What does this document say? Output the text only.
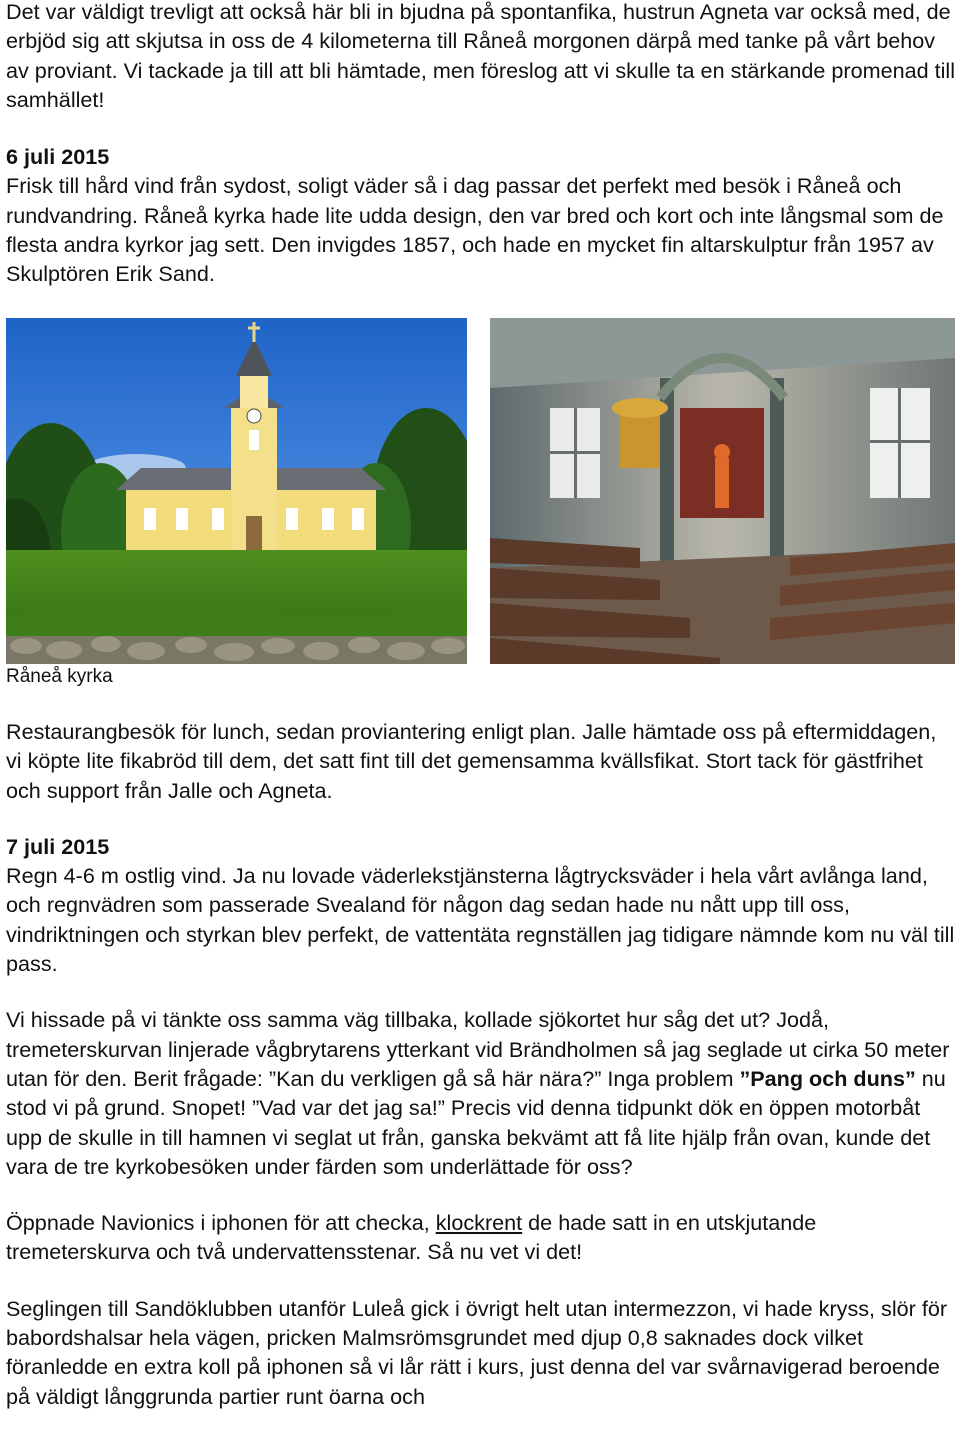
Det var väldigt trevligt att också här bli in bjudna på spontanfika, hustrun Agneta var också med, de erbjöd sig att skjutsa in oss de 4 kilometerna till Råneå morgonen därpå med tanke på vårt behov av proviant. Vi tackade ja till att bli hämtade, men föreslog att vi skulle ta en stärkande promenad till samhället!

6 juli 2015

Frisk till hård vind från sydost, soligt väder så i dag passar det perfekt med besök i Råneå och rundvandring. Råneå kyrka hade lite udda design, den var bred och kort och inte långsmal som de flesta andra kyrkor jag sett. Den invigdes 1857, och hade en mycket fin altarskulptur från 1957 av Skulptören Erik Sand.

Råneå kyrka

Restaurangbesök för lunch, sedan proviantering enligt plan. Jalle hämtade oss på eftermiddagen, vi köpte lite fikabröd till dem, det satt fint till det gemensamma kvällsfikat. Stort tack för gästfrihet och support från Jalle och Agneta.

7 juli 2015

Regn 4-6 m ostlig vind. Ja nu lovade väderlekstjänsterna lågtrycksväder i hela vårt avlånga land, och regnvädren som passerade Svealand för någon dag sedan hade nu nått upp till oss, vindriktningen och styrkan blev perfekt, de vattentäta regnställen jag tidigare nämnde kom nu väl till pass.

Vi hissade på vi tänkte oss samma väg tillbaka, kollade sjökortet hur såg det ut? Jodå, tremeterskurvan linjerade vågbrytarens ytterkant vid Brändholmen så jag seglade ut cirka 50 meter utan för den. Berit frågade: ”Kan du verkligen gå så här nära?” Inga problem ”Pang och duns” nu stod vi på grund. Snopet! ”Vad var det jag sa!” Precis vid denna tidpunkt dök en öppen motorbåt upp de skulle in till hamnen vi seglat ut från, ganska bekvämt att få lite hjälp från ovan, kunde det vara de tre kyrkobesöken under färden som underlättade för oss?

Öppnade Navionics i iphonen för att checka, klockrent de hade satt in en utskjutande tremeterskurva och två undervattensstenar. Så nu vet vi det!

Seglingen till Sandöklubben utanför Luleå gick i övrigt helt utan intermezzon, vi hade kryss, slör för babordshalsar hela vägen, pricken Malmsrömsgrundet med djup 0,8 saknades dock vilket föranledde en extra koll på iphonen så vi lår rätt i kurs, just denna del var svårnavigerad beroende på väldigt långgrunda partier runt öarna och
